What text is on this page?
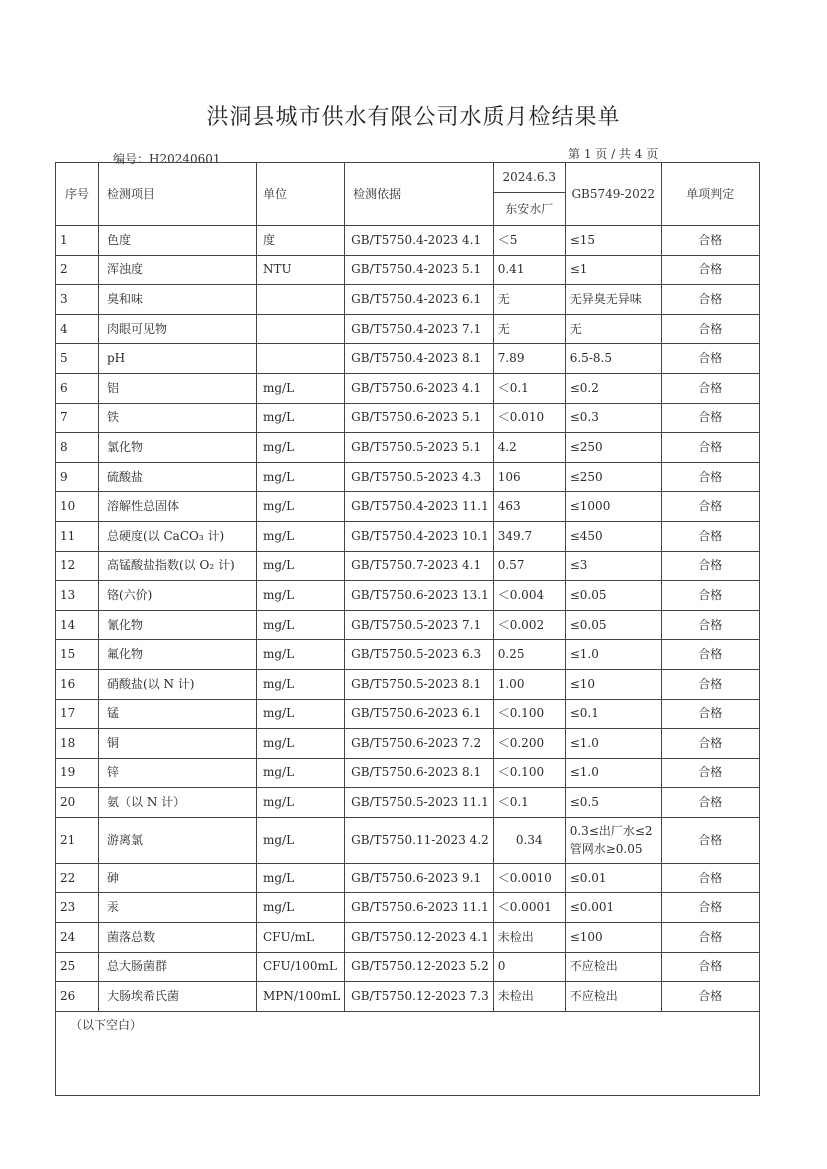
洪洞县城市供水有限公司水质月检结果单
编号：H20240601	第 1 页 / 共 4 页
序号	检测项目	单位	检测依据	2024.6.3	GB5749-2022	单项判定
				东安水厂		
1	色度	度	GB/T5750.4-2023 4.1	＜5	≤15	合格
2	浑浊度	NTU	GB/T5750.4-2023 5.1	0.41	≤1	合格
3	臭和味		GB/T5750.4-2023 6.1	无	无异臭无异味	合格
4	肉眼可见物		GB/T5750.4-2023 7.1	无	无	合格
5	pH		GB/T5750.4-2023 8.1	7.89	6.5-8.5	合格
6	铝	mg/L	GB/T5750.6-2023 4.1	＜0.1	≤0.2	合格
7	铁	mg/L	GB/T5750.6-2023 5.1	＜0.010	≤0.3	合格
8	氯化物	mg/L	GB/T5750.5-2023 5.1	4.2	≤250	合格
9	硫酸盐	mg/L	GB/T5750.5-2023 4.3	106	≤250	合格
10	溶解性总固体	mg/L	GB/T5750.4-2023 11.1	463	≤1000	合格
11	总硬度(以 CaCO₃ 计)	mg/L	GB/T5750.4-2023 10.1	349.7	≤450	合格
12	高锰酸盐指数(以 O₂ 计)	mg/L	GB/T5750.7-2023 4.1	0.57	≤3	合格
13	铬(六价)	mg/L	GB/T5750.6-2023 13.1	＜0.004	≤0.05	合格
14	氰化物	mg/L	GB/T5750.5-2023 7.1	＜0.002	≤0.05	合格
15	氟化物	mg/L	GB/T5750.5-2023 6.3	0.25	≤1.0	合格
16	硝酸盐(以 N 计)	mg/L	GB/T5750.5-2023 8.1	1.00	≤10	合格
17	锰	mg/L	GB/T5750.6-2023 6.1	＜0.100	≤0.1	合格
18	铜	mg/L	GB/T5750.6-2023 7.2	＜0.200	≤1.0	合格
19	锌	mg/L	GB/T5750.6-2023 8.1	＜0.100	≤1.0	合格
20	氨（以 N 计）	mg/L	GB/T5750.5-2023 11.1	＜0.1	≤0.5	合格
21	游离氯	mg/L	GB/T5750.11-2023 4.2	0.34	0.3≤出厂水≤2 管网水≥0.05	合格
22	砷	mg/L	GB/T5750.6-2023 9.1	＜0.0010	≤0.01	合格
23	汞	mg/L	GB/T5750.6-2023 11.1	＜0.0001	≤0.001	合格
24	菌落总数	CFU/mL	GB/T5750.12-2023 4.1	未检出	≤100	合格
25	总大肠菌群	CFU/100mL	GB/T5750.12-2023 5.2	0	不应检出	合格
26	大肠埃希氏菌	MPN/100mL	GB/T5750.12-2023 7.3	未检出	不应检出	合格
（以下空白）						
